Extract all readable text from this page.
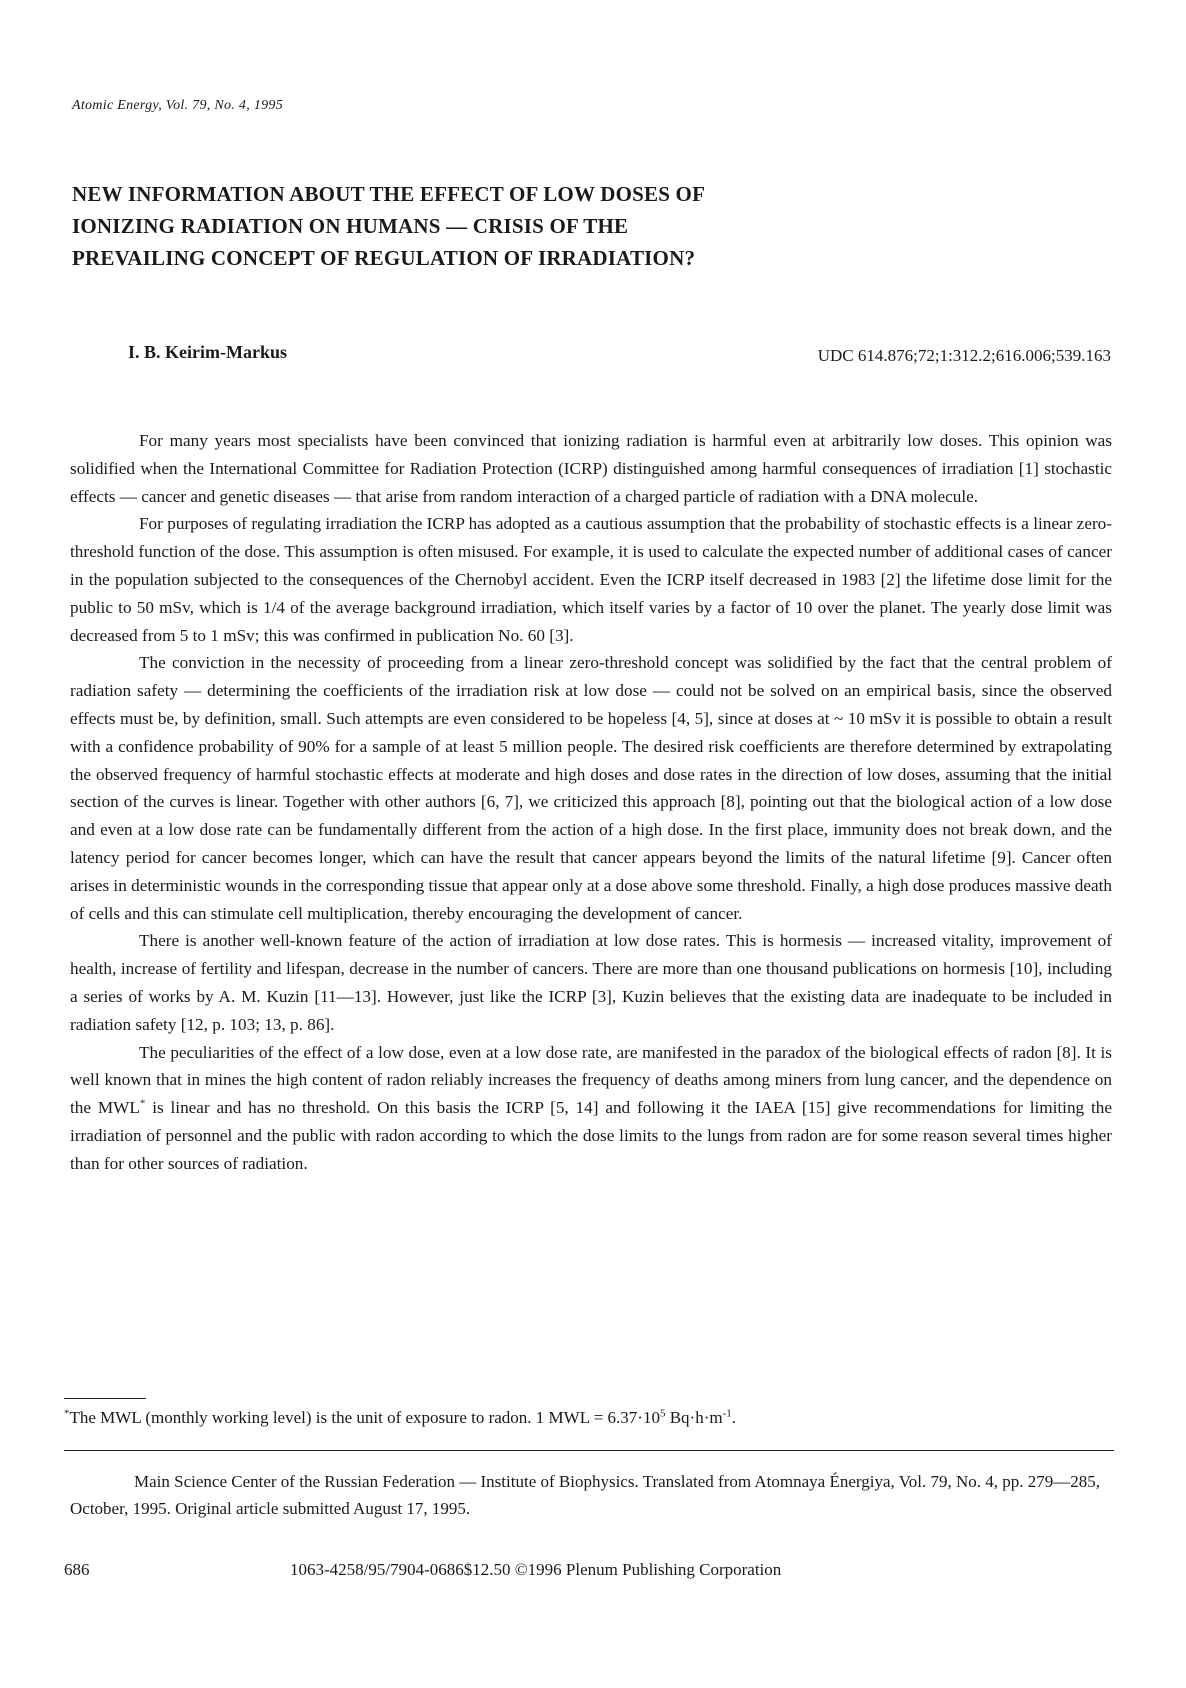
Atomic Energy, Vol. 79, No. 4, 1995
NEW INFORMATION ABOUT THE EFFECT OF LOW DOSES OF
IONIZING RADIATION ON HUMANS — CRISIS OF THE
PREVAILING CONCEPT OF REGULATION OF IRRADIATION?
I. B. Keirim-Markus	UDC 614.876;72;1:312.2;616.006;539.163

For many years most specialists have been convinced that ionizing radiation is harmful even at arbitrarily low doses. This opinion was solidified when the International Committee for Radiation Protection (ICRP) distinguished among harmful consequences of irradiation [1] stochastic effects — cancer and genetic diseases — that arise from random interaction of a charged particle of radiation with a DNA molecule.

For purposes of regulating irradiation the ICRP has adopted as a cautious assumption that the probability of stochastic effects is a linear zero-threshold function of the dose. This assumption is often misused. For example, it is used to calculate the expected number of additional cases of cancer in the population subjected to the consequences of the Chernobyl accident. Even the ICRP itself decreased in 1983 [2] the lifetime dose limit for the public to 50 mSv, which is 1/4 of the average background irradiation, which itself varies by a factor of 10 over the planet. The yearly dose limit was decreased from 5 to 1 mSv; this was confirmed in publication No. 60 [3].

The conviction in the necessity of proceeding from a linear zero-threshold concept was solidified by the fact that the central problem of radiation safety — determining the coefficients of the irradiation risk at low dose — could not be solved on an empirical basis, since the observed effects must be, by definition, small. Such attempts are even considered to be hopeless [4, 5], since at doses at ~ 10 mSv it is possible to obtain a result with a confidence probability of 90% for a sample of at least 5 million people. The desired risk coefficients are therefore determined by extrapolating the observed frequency of harmful stochastic effects at moderate and high doses and dose rates in the direction of low doses, assuming that the initial section of the curves is linear. Together with other authors [6, 7], we criticized this approach [8], pointing out that the biological action of a low dose and even at a low dose rate can be fundamentally different from the action of a high dose. In the first place, immunity does not break down, and the latency period for cancer becomes longer, which can have the result that cancer appears beyond the limits of the natural lifetime [9]. Cancer often arises in deterministic wounds in the corresponding tissue that appear only at a dose above some threshold. Finally, a high dose produces massive death of cells and this can stimulate cell multiplication, thereby encouraging the development of cancer.

There is another well-known feature of the action of irradiation at low dose rates. This is hormesis — increased vitality, improvement of health, increase of fertility and lifespan, decrease in the number of cancers. There are more than one thousand publications on hormesis [10], including a series of works by A. M. Kuzin [11—13]. However, just like the ICRP [3], Kuzin believes that the existing data are inadequate to be included in radiation safety [12, p. 103; 13, p. 86].

The peculiarities of the effect of a low dose, even at a low dose rate, are manifested in the paradox of the biological effects of radon [8]. It is well known that in mines the high content of radon reliably increases the frequency of deaths among miners from lung cancer, and the dependence on the MWL* is linear and has no threshold. On this basis the ICRP [5, 14] and following it the IAEA [15] give recommendations for limiting the irradiation of personnel and the public with radon according to which the dose limits to the lungs from radon are for some reason several times higher than for other sources of radiation.

*The MWL (monthly working level) is the unit of exposure to radon. 1 MWL = $6.37\cdot 10^5$ $Bq\cdot h\cdot m^{-1}$.
Main Science Center of the Russian Federation — Institute of Biophysics. Translated from Atomnaya Énergiya, Vol. 79, No. 4, pp. 279—285, October, 1995. Original article submitted August 17, 1995.
686	1063-4258/95/7904-0686$12.50 ©1996 Plenum Publishing Corporation
